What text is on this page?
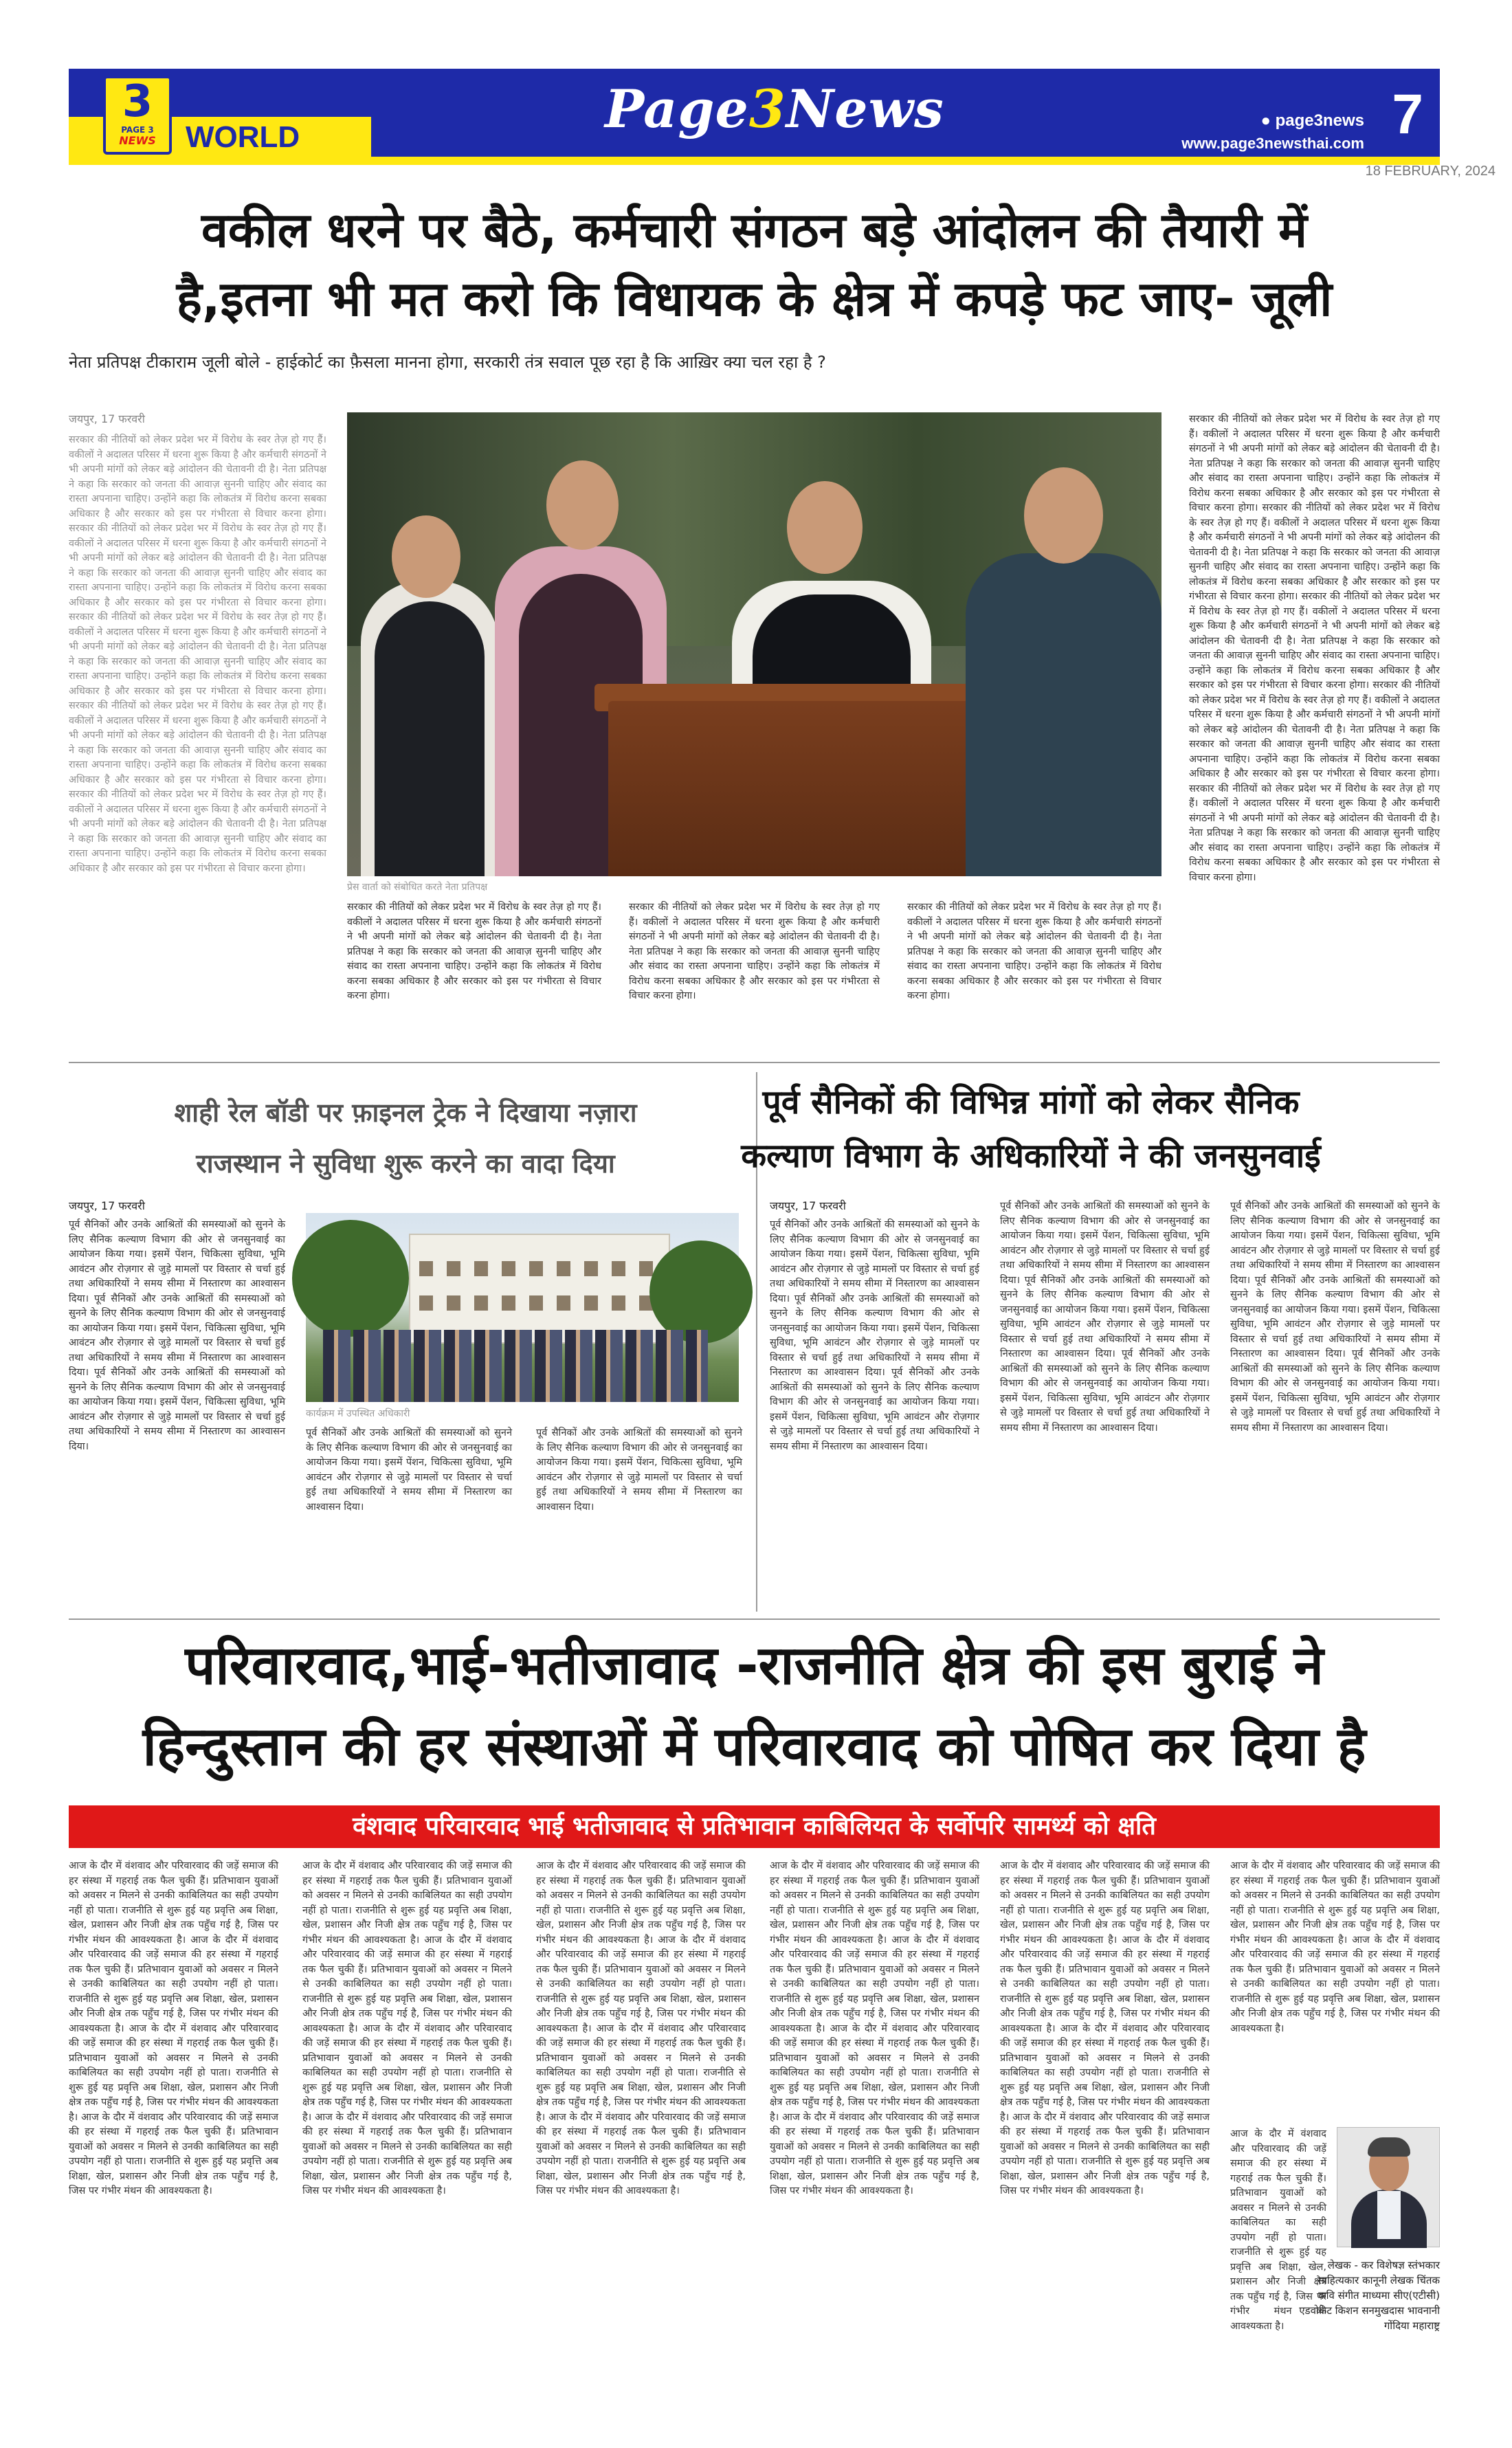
3
PAGE 3
NEWS WORLD	Page3News	● page3news
www.page3newsthai.com 7
18 FEBRUARY, 2024
वकील धरने पर बैठे, कर्मचारी संगठन बड़े आंदोलन की तैयारी में
है,इतना भी मत करो कि विधायक के क्षेत्र में कपड़े फट जाए- जूली
नेता प्रतिपक्ष टीकाराम जूली बोले - हाईकोर्ट का फ़ैसला मानना होगा, सरकारी तंत्र सवाल पूछ रहा है कि आख़िर क्या चल रहा है ?
जयपुर, 17 फरवरी
सरकार की नीतियों को लेकर प्रदेश भर में विरोध के स्वर तेज़ हो गए हैं। वकीलों ने अदालत परिसर में धरना शुरू किया है और कर्मचारी संगठनों ने भी अपनी मांगों को लेकर बड़े आंदोलन की चेतावनी दी है। नेता प्रतिपक्ष ने कहा कि सरकार को जनता की आवाज़ सुननी चाहिए और संवाद का रास्ता अपनाना चाहिए। उन्होंने कहा कि लोकतंत्र में विरोध करना सबका अधिकार है और सरकार को इस पर गंभीरता से विचार करना होगा। सरकार की नीतियों को लेकर प्रदेश भर में विरोध के स्वर तेज़ हो गए हैं। वकीलों ने अदालत परिसर में धरना शुरू किया है और कर्मचारी संगठनों ने भी अपनी मांगों को लेकर बड़े आंदोलन की चेतावनी दी है। नेता प्रतिपक्ष ने कहा कि सरकार को जनता की आवाज़ सुननी चाहिए और संवाद का रास्ता अपनाना चाहिए। उन्होंने कहा कि लोकतंत्र में विरोध करना सबका अधिकार है और सरकार को इस पर गंभीरता से विचार करना होगा। सरकार की नीतियों को लेकर प्रदेश भर में विरोध के स्वर तेज़ हो गए हैं। वकीलों ने अदालत परिसर में धरना शुरू किया है और कर्मचारी संगठनों ने भी अपनी मांगों को लेकर बड़े आंदोलन की चेतावनी दी है। नेता प्रतिपक्ष ने कहा कि सरकार को जनता की आवाज़ सुननी चाहिए और संवाद का रास्ता अपनाना चाहिए। उन्होंने कहा कि लोकतंत्र में विरोध करना सबका अधिकार है और सरकार को इस पर गंभीरता से विचार करना होगा। सरकार की नीतियों को लेकर प्रदेश भर में विरोध के स्वर तेज़ हो गए हैं। वकीलों ने अदालत परिसर में धरना शुरू किया है और कर्मचारी संगठनों ने भी अपनी मांगों को लेकर बड़े आंदोलन की चेतावनी दी है। नेता प्रतिपक्ष ने कहा कि सरकार को जनता की आवाज़ सुननी चाहिए और संवाद का रास्ता अपनाना चाहिए। उन्होंने कहा कि लोकतंत्र में विरोध करना सबका अधिकार है और सरकार को इस पर गंभीरता से विचार करना होगा। सरकार की नीतियों को लेकर प्रदेश भर में विरोध के स्वर तेज़ हो गए हैं। वकीलों ने अदालत परिसर में धरना शुरू किया है और कर्मचारी संगठनों ने भी अपनी मांगों को लेकर बड़े आंदोलन की चेतावनी दी है। नेता प्रतिपक्ष ने कहा कि सरकार को जनता की आवाज़ सुननी चाहिए और संवाद का रास्ता अपनाना चाहिए। उन्होंने कहा कि लोकतंत्र में विरोध करना सबका अधिकार है और सरकार को इस पर गंभीरता से विचार करना होगा।
प्रेस वार्ता को संबोधित करते नेता प्रतिपक्ष
सरकार की नीतियों को लेकर प्रदेश भर में विरोध के स्वर तेज़ हो गए हैं। वकीलों ने अदालत परिसर में धरना शुरू किया है और कर्मचारी संगठनों ने भी अपनी मांगों को लेकर बड़े आंदोलन की चेतावनी दी है। नेता प्रतिपक्ष ने कहा कि सरकार को जनता की आवाज़ सुननी चाहिए और संवाद का रास्ता अपनाना चाहिए। उन्होंने कहा कि लोकतंत्र में विरोध करना सबका अधिकार है और सरकार को इस पर गंभीरता से विचार करना होगा।
सरकार की नीतियों को लेकर प्रदेश भर में विरोध के स्वर तेज़ हो गए हैं। वकीलों ने अदालत परिसर में धरना शुरू किया है और कर्मचारी संगठनों ने भी अपनी मांगों को लेकर बड़े आंदोलन की चेतावनी दी है। नेता प्रतिपक्ष ने कहा कि सरकार को जनता की आवाज़ सुननी चाहिए और संवाद का रास्ता अपनाना चाहिए। उन्होंने कहा कि लोकतंत्र में विरोध करना सबका अधिकार है और सरकार को इस पर गंभीरता से विचार करना होगा।
सरकार की नीतियों को लेकर प्रदेश भर में विरोध के स्वर तेज़ हो गए हैं। वकीलों ने अदालत परिसर में धरना शुरू किया है और कर्मचारी संगठनों ने भी अपनी मांगों को लेकर बड़े आंदोलन की चेतावनी दी है। नेता प्रतिपक्ष ने कहा कि सरकार को जनता की आवाज़ सुननी चाहिए और संवाद का रास्ता अपनाना चाहिए। उन्होंने कहा कि लोकतंत्र में विरोध करना सबका अधिकार है और सरकार को इस पर गंभीरता से विचार करना होगा।
सरकार की नीतियों को लेकर प्रदेश भर में विरोध के स्वर तेज़ हो गए हैं। वकीलों ने अदालत परिसर में धरना शुरू किया है और कर्मचारी संगठनों ने भी अपनी मांगों को लेकर बड़े आंदोलन की चेतावनी दी है। नेता प्रतिपक्ष ने कहा कि सरकार को जनता की आवाज़ सुननी चाहिए और संवाद का रास्ता अपनाना चाहिए। उन्होंने कहा कि लोकतंत्र में विरोध करना सबका अधिकार है और सरकार को इस पर गंभीरता से विचार करना होगा। सरकार की नीतियों को लेकर प्रदेश भर में विरोध के स्वर तेज़ हो गए हैं। वकीलों ने अदालत परिसर में धरना शुरू किया है और कर्मचारी संगठनों ने भी अपनी मांगों को लेकर बड़े आंदोलन की चेतावनी दी है। नेता प्रतिपक्ष ने कहा कि सरकार को जनता की आवाज़ सुननी चाहिए और संवाद का रास्ता अपनाना चाहिए। उन्होंने कहा कि लोकतंत्र में विरोध करना सबका अधिकार है और सरकार को इस पर गंभीरता से विचार करना होगा। सरकार की नीतियों को लेकर प्रदेश भर में विरोध के स्वर तेज़ हो गए हैं। वकीलों ने अदालत परिसर में धरना शुरू किया है और कर्मचारी संगठनों ने भी अपनी मांगों को लेकर बड़े आंदोलन की चेतावनी दी है। नेता प्रतिपक्ष ने कहा कि सरकार को जनता की आवाज़ सुननी चाहिए और संवाद का रास्ता अपनाना चाहिए। उन्होंने कहा कि लोकतंत्र में विरोध करना सबका अधिकार है और सरकार को इस पर गंभीरता से विचार करना होगा। सरकार की नीतियों को लेकर प्रदेश भर में विरोध के स्वर तेज़ हो गए हैं। वकीलों ने अदालत परिसर में धरना शुरू किया है और कर्मचारी संगठनों ने भी अपनी मांगों को लेकर बड़े आंदोलन की चेतावनी दी है। नेता प्रतिपक्ष ने कहा कि सरकार को जनता की आवाज़ सुननी चाहिए और संवाद का रास्ता अपनाना चाहिए। उन्होंने कहा कि लोकतंत्र में विरोध करना सबका अधिकार है और सरकार को इस पर गंभीरता से विचार करना होगा। सरकार की नीतियों को लेकर प्रदेश भर में विरोध के स्वर तेज़ हो गए हैं। वकीलों ने अदालत परिसर में धरना शुरू किया है और कर्मचारी संगठनों ने भी अपनी मांगों को लेकर बड़े आंदोलन की चेतावनी दी है। नेता प्रतिपक्ष ने कहा कि सरकार को जनता की आवाज़ सुननी चाहिए और संवाद का रास्ता अपनाना चाहिए। उन्होंने कहा कि लोकतंत्र में विरोध करना सबका अधिकार है और सरकार को इस पर गंभीरता से विचार करना होगा।
शाही रेल बॉडी पर फ़ाइनल ट्रेक ने दिखाया नज़ारा
राजस्थान ने सुविधा शुरू करने का वादा दिया
कार्यक्रम में उपस्थित अधिकारी
जयपुर, 17 फरवरी
पूर्व सैनिकों और उनके आश्रितों की समस्याओं को सुनने के लिए सैनिक कल्याण विभाग की ओर से जनसुनवाई का आयोजन किया गया। इसमें पेंशन, चिकित्सा सुविधा, भूमि आवंटन और रोज़गार से जुड़े मामलों पर विस्तार से चर्चा हुई तथा अधिकारियों ने समय सीमा में निस्तारण का आश्वासन दिया। पूर्व सैनिकों और उनके आश्रितों की समस्याओं को सुनने के लिए सैनिक कल्याण विभाग की ओर से जनसुनवाई का आयोजन किया गया। इसमें पेंशन, चिकित्सा सुविधा, भूमि आवंटन और रोज़गार से जुड़े मामलों पर विस्तार से चर्चा हुई तथा अधिकारियों ने समय सीमा में निस्तारण का आश्वासन दिया। पूर्व सैनिकों और उनके आश्रितों की समस्याओं को सुनने के लिए सैनिक कल्याण विभाग की ओर से जनसुनवाई का आयोजन किया गया। इसमें पेंशन, चिकित्सा सुविधा, भूमि आवंटन और रोज़गार से जुड़े मामलों पर विस्तार से चर्चा हुई तथा अधिकारियों ने समय सीमा में निस्तारण का आश्वासन दिया।
पूर्व सैनिकों और उनके आश्रितों की समस्याओं को सुनने के लिए सैनिक कल्याण विभाग की ओर से जनसुनवाई का आयोजन किया गया। इसमें पेंशन, चिकित्सा सुविधा, भूमि आवंटन और रोज़गार से जुड़े मामलों पर विस्तार से चर्चा हुई तथा अधिकारियों ने समय सीमा में निस्तारण का आश्वासन दिया।
पूर्व सैनिकों और उनके आश्रितों की समस्याओं को सुनने के लिए सैनिक कल्याण विभाग की ओर से जनसुनवाई का आयोजन किया गया। इसमें पेंशन, चिकित्सा सुविधा, भूमि आवंटन और रोज़गार से जुड़े मामलों पर विस्तार से चर्चा हुई तथा अधिकारियों ने समय सीमा में निस्तारण का आश्वासन दिया।
पूर्व सैनिकों की विभिन्न मांगों को लेकर सैनिक
कल्याण विभाग के अधिकारियों ने की जनसुनवाई
जयपुर, 17 फरवरी
पूर्व सैनिकों और उनके आश्रितों की समस्याओं को सुनने के लिए सैनिक कल्याण विभाग की ओर से जनसुनवाई का आयोजन किया गया। इसमें पेंशन, चिकित्सा सुविधा, भूमि आवंटन और रोज़गार से जुड़े मामलों पर विस्तार से चर्चा हुई तथा अधिकारियों ने समय सीमा में निस्तारण का आश्वासन दिया। पूर्व सैनिकों और उनके आश्रितों की समस्याओं को सुनने के लिए सैनिक कल्याण विभाग की ओर से जनसुनवाई का आयोजन किया गया। इसमें पेंशन, चिकित्सा सुविधा, भूमि आवंटन और रोज़गार से जुड़े मामलों पर विस्तार से चर्चा हुई तथा अधिकारियों ने समय सीमा में निस्तारण का आश्वासन दिया। पूर्व सैनिकों और उनके आश्रितों की समस्याओं को सुनने के लिए सैनिक कल्याण विभाग की ओर से जनसुनवाई का आयोजन किया गया। इसमें पेंशन, चिकित्सा सुविधा, भूमि आवंटन और रोज़गार से जुड़े मामलों पर विस्तार से चर्चा हुई तथा अधिकारियों ने समय सीमा में निस्तारण का आश्वासन दिया।
पूर्व सैनिकों और उनके आश्रितों की समस्याओं को सुनने के लिए सैनिक कल्याण विभाग की ओर से जनसुनवाई का आयोजन किया गया। इसमें पेंशन, चिकित्सा सुविधा, भूमि आवंटन और रोज़गार से जुड़े मामलों पर विस्तार से चर्चा हुई तथा अधिकारियों ने समय सीमा में निस्तारण का आश्वासन दिया। पूर्व सैनिकों और उनके आश्रितों की समस्याओं को सुनने के लिए सैनिक कल्याण विभाग की ओर से जनसुनवाई का आयोजन किया गया। इसमें पेंशन, चिकित्सा सुविधा, भूमि आवंटन और रोज़गार से जुड़े मामलों पर विस्तार से चर्चा हुई तथा अधिकारियों ने समय सीमा में निस्तारण का आश्वासन दिया। पूर्व सैनिकों और उनके आश्रितों की समस्याओं को सुनने के लिए सैनिक कल्याण विभाग की ओर से जनसुनवाई का आयोजन किया गया। इसमें पेंशन, चिकित्सा सुविधा, भूमि आवंटन और रोज़गार से जुड़े मामलों पर विस्तार से चर्चा हुई तथा अधिकारियों ने समय सीमा में निस्तारण का आश्वासन दिया।
पूर्व सैनिकों और उनके आश्रितों की समस्याओं को सुनने के लिए सैनिक कल्याण विभाग की ओर से जनसुनवाई का आयोजन किया गया। इसमें पेंशन, चिकित्सा सुविधा, भूमि आवंटन और रोज़गार से जुड़े मामलों पर विस्तार से चर्चा हुई तथा अधिकारियों ने समय सीमा में निस्तारण का आश्वासन दिया। पूर्व सैनिकों और उनके आश्रितों की समस्याओं को सुनने के लिए सैनिक कल्याण विभाग की ओर से जनसुनवाई का आयोजन किया गया। इसमें पेंशन, चिकित्सा सुविधा, भूमि आवंटन और रोज़गार से जुड़े मामलों पर विस्तार से चर्चा हुई तथा अधिकारियों ने समय सीमा में निस्तारण का आश्वासन दिया। पूर्व सैनिकों और उनके आश्रितों की समस्याओं को सुनने के लिए सैनिक कल्याण विभाग की ओर से जनसुनवाई का आयोजन किया गया। इसमें पेंशन, चिकित्सा सुविधा, भूमि आवंटन और रोज़गार से जुड़े मामलों पर विस्तार से चर्चा हुई तथा अधिकारियों ने समय सीमा में निस्तारण का आश्वासन दिया।
परिवारवाद,भाई-भतीजावाद -राजनीति क्षेत्र की इस बुराई ने
हिन्दुस्तान की हर संस्थाओं में परिवारवाद को पोषित कर दिया है
वंशवाद परिवारवाद भाई भतीजावाद से प्रतिभावान काबिलियत के सर्वोपरि सामर्थ्य को क्षति
आज के दौर में वंशवाद और परिवारवाद की जड़ें समाज की हर संस्था में गहराई तक फैल चुकी हैं। प्रतिभावान युवाओं को अवसर न मिलने से उनकी काबिलियत का सही उपयोग नहीं हो पाता। राजनीति से शुरू हुई यह प्रवृत्ति अब शिक्षा, खेल, प्रशासन और निजी क्षेत्र तक पहुँच गई है, जिस पर गंभीर मंथन की आवश्यकता है। आज के दौर में वंशवाद और परिवारवाद की जड़ें समाज की हर संस्था में गहराई तक फैल चुकी हैं। प्रतिभावान युवाओं को अवसर न मिलने से उनकी काबिलियत का सही उपयोग नहीं हो पाता। राजनीति से शुरू हुई यह प्रवृत्ति अब शिक्षा, खेल, प्रशासन और निजी क्षेत्र तक पहुँच गई है, जिस पर गंभीर मंथन की आवश्यकता है। आज के दौर में वंशवाद और परिवारवाद की जड़ें समाज की हर संस्था में गहराई तक फैल चुकी हैं। प्रतिभावान युवाओं को अवसर न मिलने से उनकी काबिलियत का सही उपयोग नहीं हो पाता। राजनीति से शुरू हुई यह प्रवृत्ति अब शिक्षा, खेल, प्रशासन और निजी क्षेत्र तक पहुँच गई है, जिस पर गंभीर मंथन की आवश्यकता है। आज के दौर में वंशवाद और परिवारवाद की जड़ें समाज की हर संस्था में गहराई तक फैल चुकी हैं। प्रतिभावान युवाओं को अवसर न मिलने से उनकी काबिलियत का सही उपयोग नहीं हो पाता। राजनीति से शुरू हुई यह प्रवृत्ति अब शिक्षा, खेल, प्रशासन और निजी क्षेत्र तक पहुँच गई है, जिस पर गंभीर मंथन की आवश्यकता है।
आज के दौर में वंशवाद और परिवारवाद की जड़ें समाज की हर संस्था में गहराई तक फैल चुकी हैं। प्रतिभावान युवाओं को अवसर न मिलने से उनकी काबिलियत का सही उपयोग नहीं हो पाता। राजनीति से शुरू हुई यह प्रवृत्ति अब शिक्षा, खेल, प्रशासन और निजी क्षेत्र तक पहुँच गई है, जिस पर गंभीर मंथन की आवश्यकता है। आज के दौर में वंशवाद और परिवारवाद की जड़ें समाज की हर संस्था में गहराई तक फैल चुकी हैं। प्रतिभावान युवाओं को अवसर न मिलने से उनकी काबिलियत का सही उपयोग नहीं हो पाता। राजनीति से शुरू हुई यह प्रवृत्ति अब शिक्षा, खेल, प्रशासन और निजी क्षेत्र तक पहुँच गई है, जिस पर गंभीर मंथन की आवश्यकता है। आज के दौर में वंशवाद और परिवारवाद की जड़ें समाज की हर संस्था में गहराई तक फैल चुकी हैं। प्रतिभावान युवाओं को अवसर न मिलने से उनकी काबिलियत का सही उपयोग नहीं हो पाता। राजनीति से शुरू हुई यह प्रवृत्ति अब शिक्षा, खेल, प्रशासन और निजी क्षेत्र तक पहुँच गई है, जिस पर गंभीर मंथन की आवश्यकता है। आज के दौर में वंशवाद और परिवारवाद की जड़ें समाज की हर संस्था में गहराई तक फैल चुकी हैं। प्रतिभावान युवाओं को अवसर न मिलने से उनकी काबिलियत का सही उपयोग नहीं हो पाता। राजनीति से शुरू हुई यह प्रवृत्ति अब शिक्षा, खेल, प्रशासन और निजी क्षेत्र तक पहुँच गई है, जिस पर गंभीर मंथन की आवश्यकता है।
आज के दौर में वंशवाद और परिवारवाद की जड़ें समाज की हर संस्था में गहराई तक फैल चुकी हैं। प्रतिभावान युवाओं को अवसर न मिलने से उनकी काबिलियत का सही उपयोग नहीं हो पाता। राजनीति से शुरू हुई यह प्रवृत्ति अब शिक्षा, खेल, प्रशासन और निजी क्षेत्र तक पहुँच गई है, जिस पर गंभीर मंथन की आवश्यकता है। आज के दौर में वंशवाद और परिवारवाद की जड़ें समाज की हर संस्था में गहराई तक फैल चुकी हैं। प्रतिभावान युवाओं को अवसर न मिलने से उनकी काबिलियत का सही उपयोग नहीं हो पाता। राजनीति से शुरू हुई यह प्रवृत्ति अब शिक्षा, खेल, प्रशासन और निजी क्षेत्र तक पहुँच गई है, जिस पर गंभीर मंथन की आवश्यकता है। आज के दौर में वंशवाद और परिवारवाद की जड़ें समाज की हर संस्था में गहराई तक फैल चुकी हैं। प्रतिभावान युवाओं को अवसर न मिलने से उनकी काबिलियत का सही उपयोग नहीं हो पाता। राजनीति से शुरू हुई यह प्रवृत्ति अब शिक्षा, खेल, प्रशासन और निजी क्षेत्र तक पहुँच गई है, जिस पर गंभीर मंथन की आवश्यकता है। आज के दौर में वंशवाद और परिवारवाद की जड़ें समाज की हर संस्था में गहराई तक फैल चुकी हैं। प्रतिभावान युवाओं को अवसर न मिलने से उनकी काबिलियत का सही उपयोग नहीं हो पाता। राजनीति से शुरू हुई यह प्रवृत्ति अब शिक्षा, खेल, प्रशासन और निजी क्षेत्र तक पहुँच गई है, जिस पर गंभीर मंथन की आवश्यकता है।
आज के दौर में वंशवाद और परिवारवाद की जड़ें समाज की हर संस्था में गहराई तक फैल चुकी हैं। प्रतिभावान युवाओं को अवसर न मिलने से उनकी काबिलियत का सही उपयोग नहीं हो पाता। राजनीति से शुरू हुई यह प्रवृत्ति अब शिक्षा, खेल, प्रशासन और निजी क्षेत्र तक पहुँच गई है, जिस पर गंभीर मंथन की आवश्यकता है। आज के दौर में वंशवाद और परिवारवाद की जड़ें समाज की हर संस्था में गहराई तक फैल चुकी हैं। प्रतिभावान युवाओं को अवसर न मिलने से उनकी काबिलियत का सही उपयोग नहीं हो पाता। राजनीति से शुरू हुई यह प्रवृत्ति अब शिक्षा, खेल, प्रशासन और निजी क्षेत्र तक पहुँच गई है, जिस पर गंभीर मंथन की आवश्यकता है। आज के दौर में वंशवाद और परिवारवाद की जड़ें समाज की हर संस्था में गहराई तक फैल चुकी हैं। प्रतिभावान युवाओं को अवसर न मिलने से उनकी काबिलियत का सही उपयोग नहीं हो पाता। राजनीति से शुरू हुई यह प्रवृत्ति अब शिक्षा, खेल, प्रशासन और निजी क्षेत्र तक पहुँच गई है, जिस पर गंभीर मंथन की आवश्यकता है। आज के दौर में वंशवाद और परिवारवाद की जड़ें समाज की हर संस्था में गहराई तक फैल चुकी हैं। प्रतिभावान युवाओं को अवसर न मिलने से उनकी काबिलियत का सही उपयोग नहीं हो पाता। राजनीति से शुरू हुई यह प्रवृत्ति अब शिक्षा, खेल, प्रशासन और निजी क्षेत्र तक पहुँच गई है, जिस पर गंभीर मंथन की आवश्यकता है।
आज के दौर में वंशवाद और परिवारवाद की जड़ें समाज की हर संस्था में गहराई तक फैल चुकी हैं। प्रतिभावान युवाओं को अवसर न मिलने से उनकी काबिलियत का सही उपयोग नहीं हो पाता। राजनीति से शुरू हुई यह प्रवृत्ति अब शिक्षा, खेल, प्रशासन और निजी क्षेत्र तक पहुँच गई है, जिस पर गंभीर मंथन की आवश्यकता है। आज के दौर में वंशवाद और परिवारवाद की जड़ें समाज की हर संस्था में गहराई तक फैल चुकी हैं। प्रतिभावान युवाओं को अवसर न मिलने से उनकी काबिलियत का सही उपयोग नहीं हो पाता। राजनीति से शुरू हुई यह प्रवृत्ति अब शिक्षा, खेल, प्रशासन और निजी क्षेत्र तक पहुँच गई है, जिस पर गंभीर मंथन की आवश्यकता है। आज के दौर में वंशवाद और परिवारवाद की जड़ें समाज की हर संस्था में गहराई तक फैल चुकी हैं। प्रतिभावान युवाओं को अवसर न मिलने से उनकी काबिलियत का सही उपयोग नहीं हो पाता। राजनीति से शुरू हुई यह प्रवृत्ति अब शिक्षा, खेल, प्रशासन और निजी क्षेत्र तक पहुँच गई है, जिस पर गंभीर मंथन की आवश्यकता है। आज के दौर में वंशवाद और परिवारवाद की जड़ें समाज की हर संस्था में गहराई तक फैल चुकी हैं। प्रतिभावान युवाओं को अवसर न मिलने से उनकी काबिलियत का सही उपयोग नहीं हो पाता। राजनीति से शुरू हुई यह प्रवृत्ति अब शिक्षा, खेल, प्रशासन और निजी क्षेत्र तक पहुँच गई है, जिस पर गंभीर मंथन की आवश्यकता है।
आज के दौर में वंशवाद और परिवारवाद की जड़ें समाज की हर संस्था में गहराई तक फैल चुकी हैं। प्रतिभावान युवाओं को अवसर न मिलने से उनकी काबिलियत का सही उपयोग नहीं हो पाता। राजनीति से शुरू हुई यह प्रवृत्ति अब शिक्षा, खेल, प्रशासन और निजी क्षेत्र तक पहुँच गई है, जिस पर गंभीर मंथन की आवश्यकता है। आज के दौर में वंशवाद और परिवारवाद की जड़ें समाज की हर संस्था में गहराई तक फैल चुकी हैं। प्रतिभावान युवाओं को अवसर न मिलने से उनकी काबिलियत का सही उपयोग नहीं हो पाता। राजनीति से शुरू हुई यह प्रवृत्ति अब शिक्षा, खेल, प्रशासन और निजी क्षेत्र तक पहुँच गई है, जिस पर गंभीर मंथन की आवश्यकता है।
आज के दौर में वंशवाद और परिवारवाद की जड़ें समाज की हर संस्था में गहराई तक फैल चुकी हैं। प्रतिभावान युवाओं को अवसर न मिलने से उनकी काबिलियत का सही उपयोग नहीं हो पाता। राजनीति से शुरू हुई यह प्रवृत्ति अब शिक्षा, खेल, प्रशासन और निजी क्षेत्र तक पहुँच गई है, जिस पर गंभीर मंथन की आवश्यकता है।
लेखक - कर विशेषज्ञ स्तंभकार
साहित्यकार कानूनी लेखक चिंतक
कवि संगीत माध्यमा सीए(एटीसी)
एडवोकेट किशन सनमुखदास भावनानी
गोंदिया महाराष्ट्र
